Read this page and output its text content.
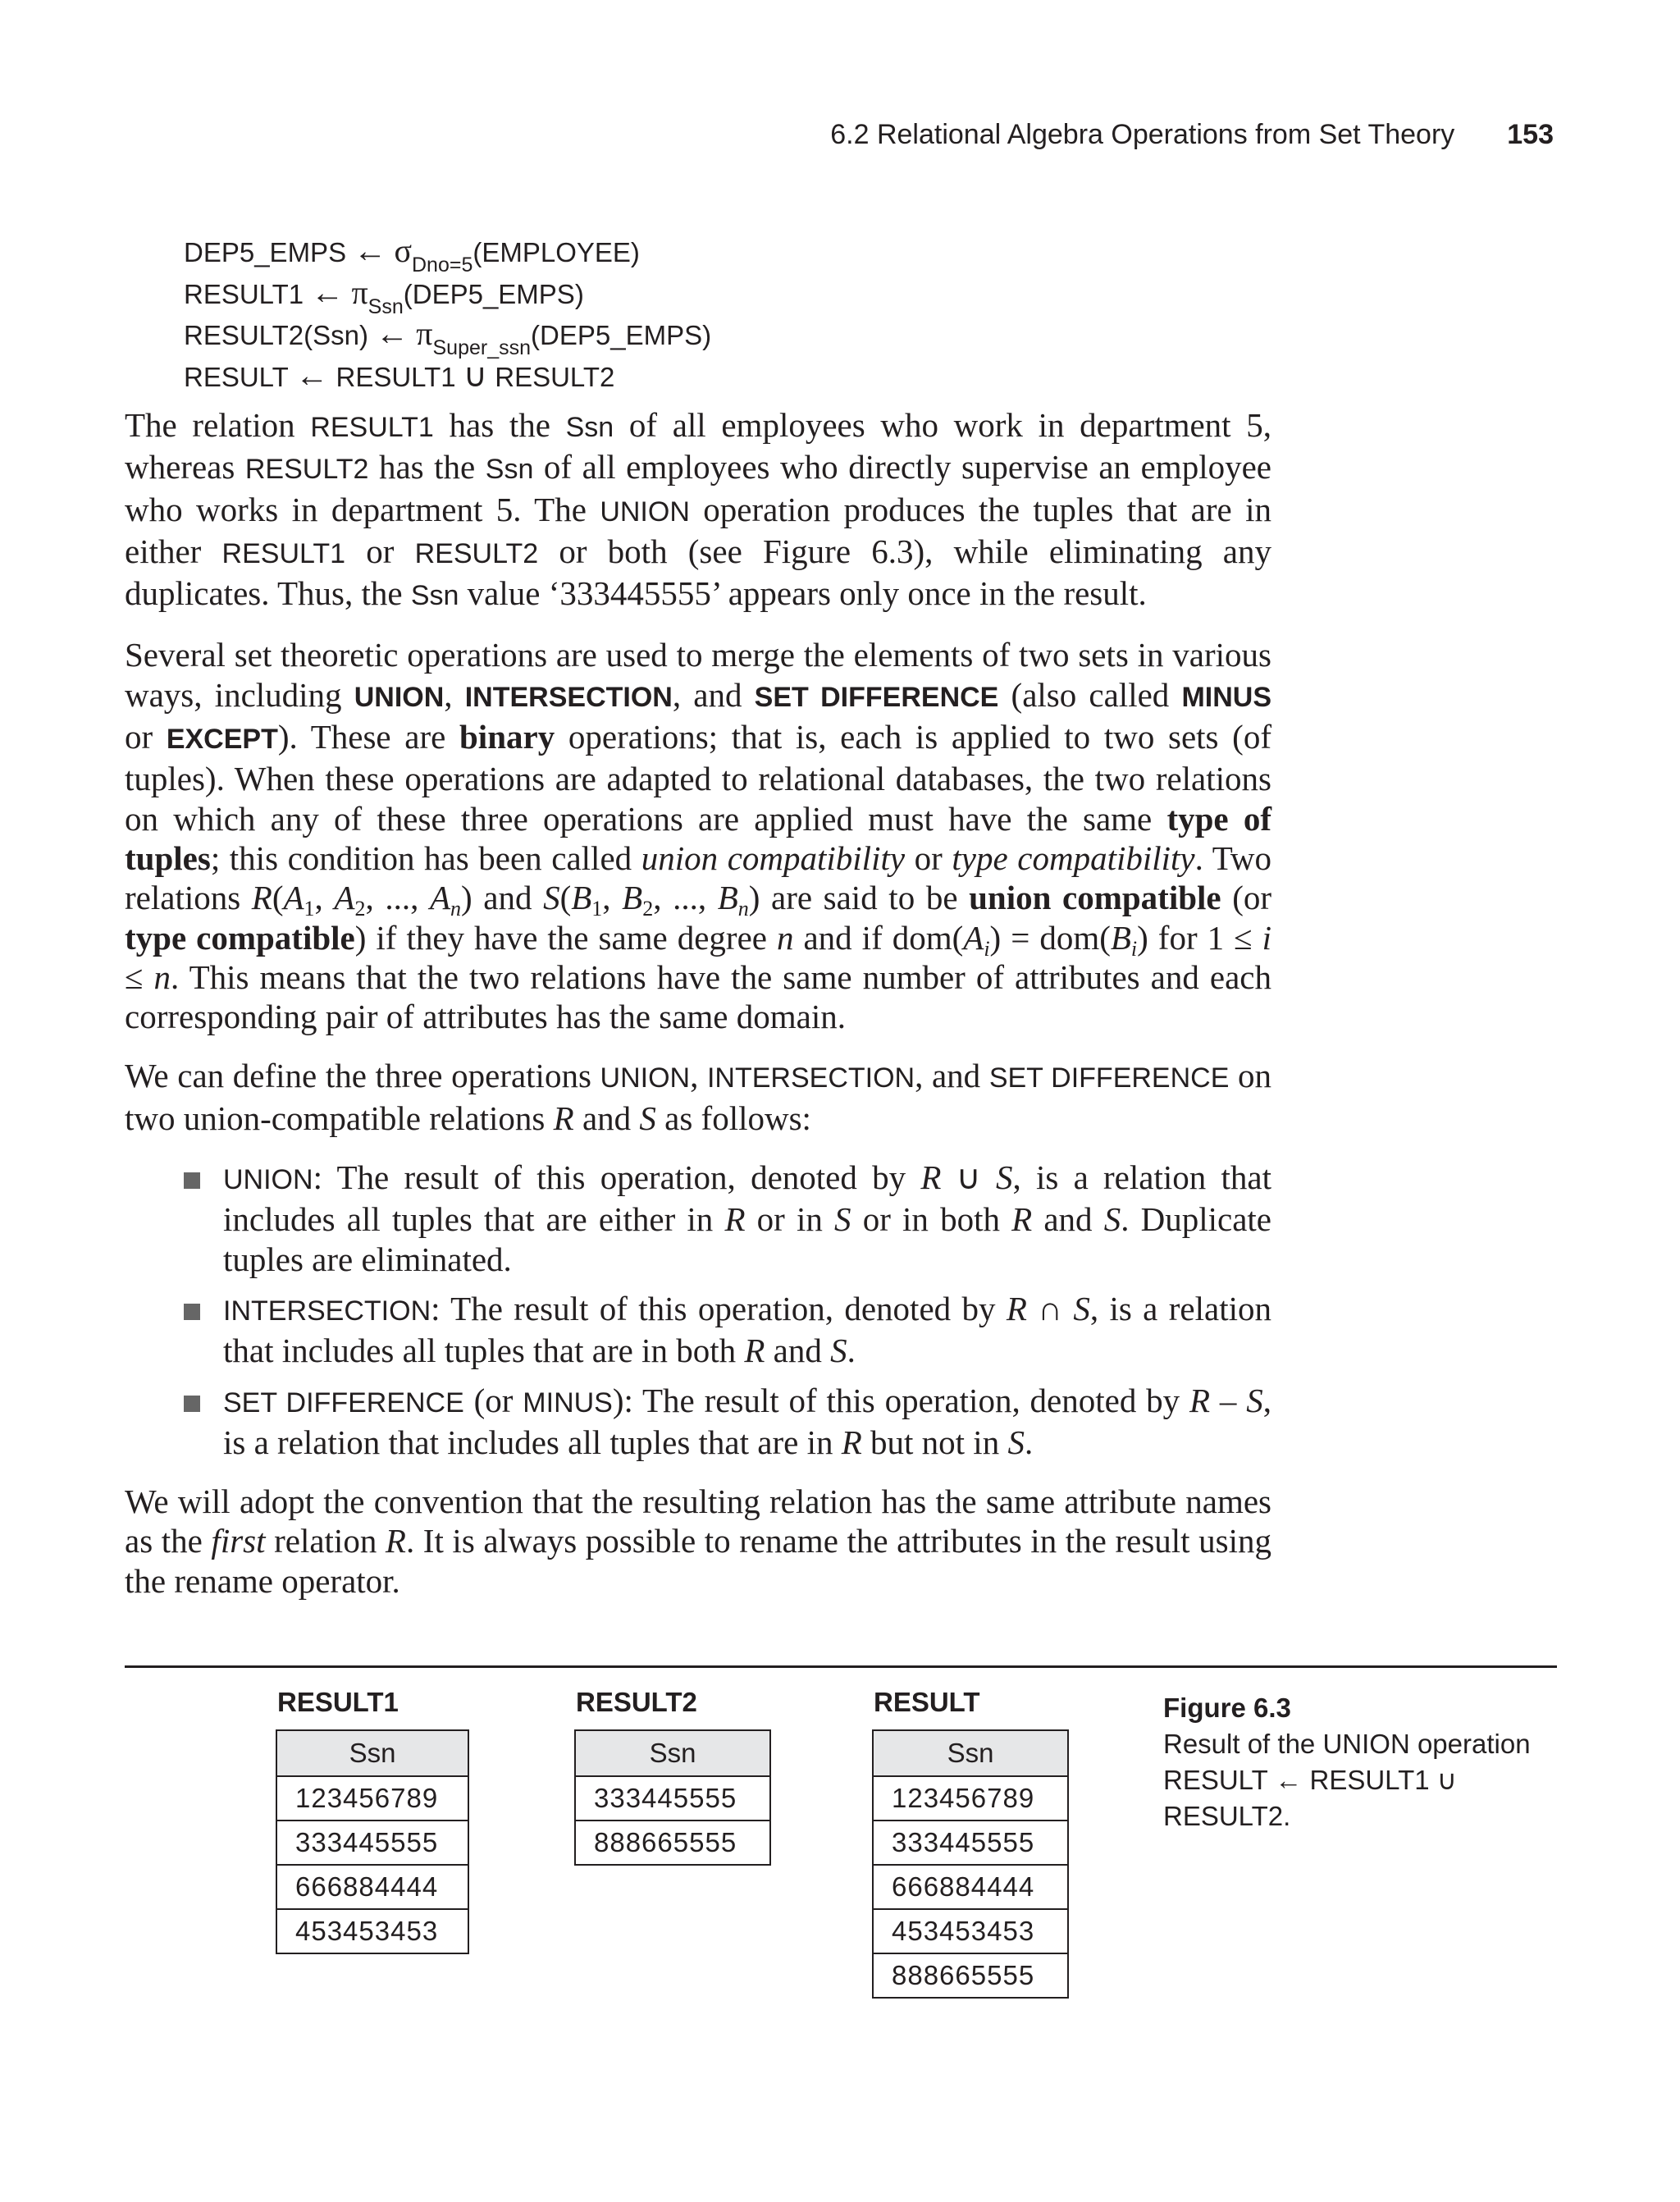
6.2 Relational Algebra Operations from Set Theory 153
DEP5_EMPS ← $\sigma_{Dno=5}(EMPLOYEE)$
RESULT1 ← $\pi_{Ssn}(DEP5\_EMPS)$
RESULT2(Ssn) ← $\pi_{Super\_ssn}(DEP5\_EMPS)$
RESULT ← RESULT1 ∪ RESULT2

The relation RESULT1 has the Ssn of all employees who work in department 5, whereas RESULT2 has the Ssn of all employees who directly supervise an employee who works in department 5. The UNION operation produces the tuples that are in either RESULT1 or RESULT2 or both (see Figure 6.3), while eliminating any duplicates. Thus, the Ssn value ‘333445555’ appears only once in the result.

Several set theoretic operations are used to merge the elements of two sets in various ways, including UNION, INTERSECTION, and SET DIFFERENCE (also called MINUS or EXCEPT). These are binary operations; that is, each is applied to two sets (of tuples). When these operations are adapted to relational databases, the two relations on which any of these three operations are applied must have the same type of tuples; this condition has been called union compatibility or type compatibility. Two relations $R(A_1$, $A_2$, ..., $A_n$) and $S(B_1$, $B_2$, ..., $B_n$) are said to be union compatible (or type compatible) if they have the same degree n and if $dom(A_i) = dom(B_i)$ for 1 ≤ i ≤ n. This means that the two relations have the same number of attributes and each corresponding pair of attributes has the same domain.

We can define the three operations UNION, INTERSECTION, and SET DIFFERENCE on two union-compatible relations R and S as follows:

UNION: The result of this operation, denoted by R ∪ S, is a relation that includes all tuples that are either in R or in S or in both R and S. Duplicate tuples are eliminated.
INTERSECTION: The result of this operation, denoted by R ∩ S, is a relation that includes all tuples that are in both R and S.
SET DIFFERENCE (or MINUS): The result of this operation, denoted by R – S, is a relation that includes all tuples that are in R but not in S.

We will adopt the convention that the resulting relation has the same attribute names as the first relation R. It is always possible to rename the attributes in the result using the rename operator.

RESULT1
Ssn
123456789
333445555
666884444
453453453
RESULT2
Ssn
333445555
888665555
RESULT
Ssn
123456789
333445555
666884444
453453453
888665555
Figure 6.3
Result of the UNION operation RESULT ← RESULT1 ∪ RESULT2.
